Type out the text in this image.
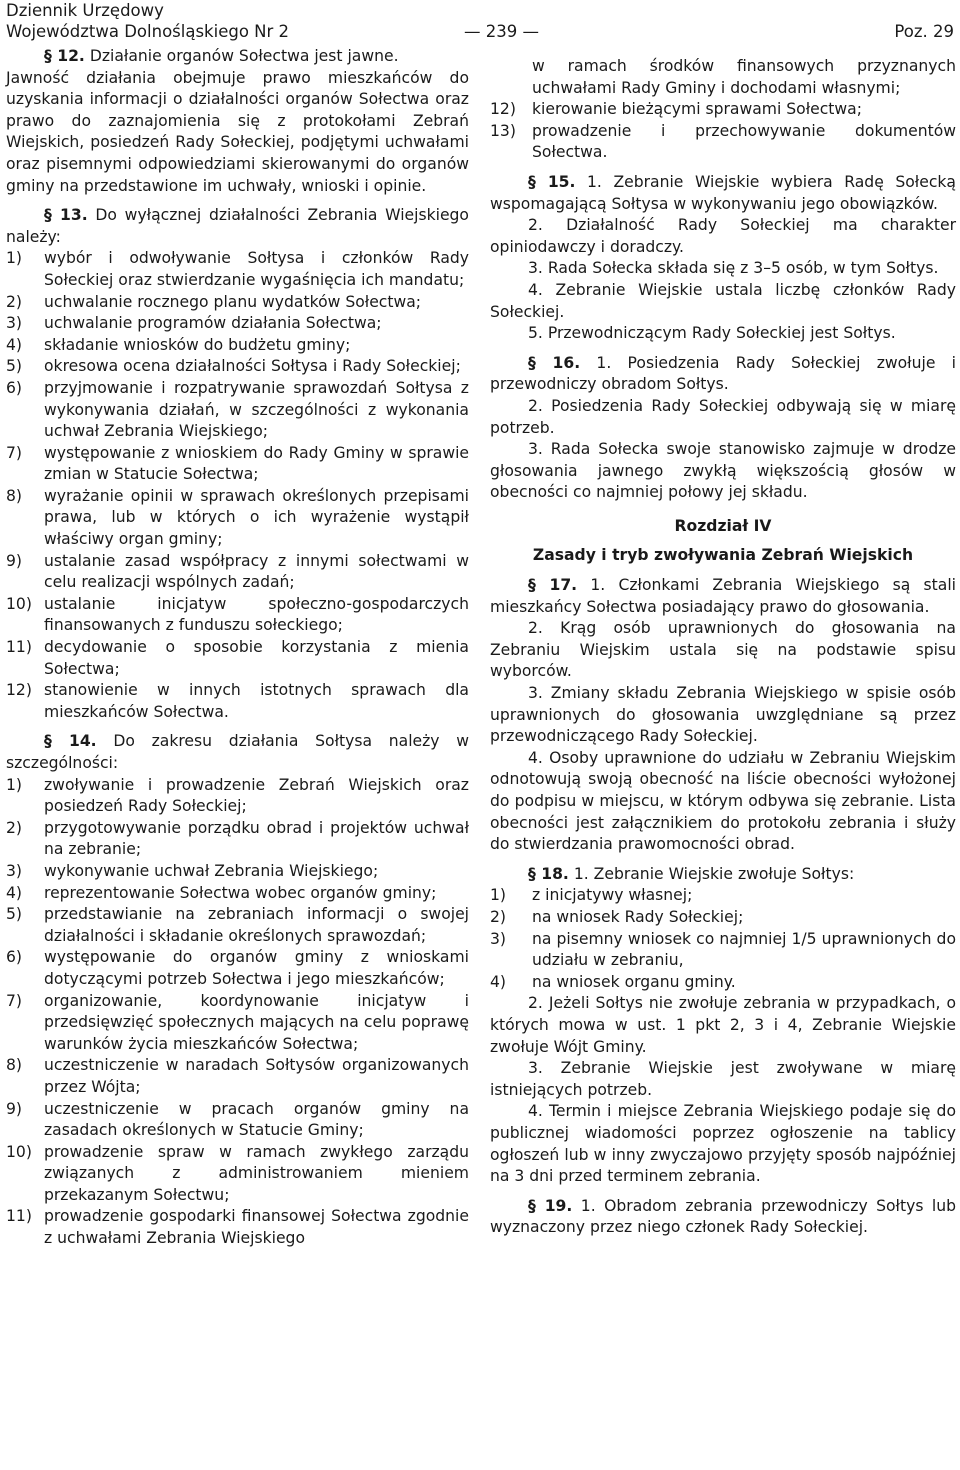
Dziennik Urzędowy
Województwa Dolnośląskiego Nr 2	— 239 —	Poz. 29

§ 12. Działanie organów Sołectwa jest jawne.

Jawność działania obejmuje prawo mieszkańców do uzyskania informacji o działalności organów Sołectwa oraz prawo do zaznajomienia się z protokołami Zebrań Wiejskich, posiedzeń Rady Sołeckiej, podjętymi uchwałami oraz pisemnymi odpowiedziami skierowanymi do organów gminy na przedstawione im uchwały, wnioski i opinie.

§ 13. Do wyłącznej działalności Zebrania Wiejskiego należy:

1) wybór i odwoływanie Sołtysa i członków Rady Sołeckiej oraz stwierdzanie wygaśnięcia ich mandatu;
2) uchwalanie rocznego planu wydatków Sołectwa;
3) uchwalanie programów działania Sołectwa;
4) składanie wniosków do budżetu gminy;
5) okresowa ocena działalności Sołtysa i Rady Sołeckiej;
6) przyjmowanie i rozpatrywanie sprawozdań Sołtysa z wykonywania działań, w szczególności z wykonania uchwał Zebrania Wiejskiego;
7) występowanie z wnioskiem do Rady Gminy w sprawie zmian w Statucie Sołectwa;
8) wyrażanie opinii w sprawach określonych przepisami prawa, lub w których o ich wyrażenie wystąpił właściwy organ gminy;
9) ustalanie zasad współpracy z innymi sołectwami w celu realizacji wspólnych zadań;
10) ustalanie inicjatyw społeczno-gospodarczych finansowanych z funduszu sołeckiego;
11) decydowanie o sposobie korzystania z mienia Sołectwa;
12) stanowienie w innych istotnych sprawach dla mieszkańców Sołectwa.

§ 14. Do zakresu działania Sołtysa należy w szczególności:

1) zwoływanie i prowadzenie Zebrań Wiejskich oraz posiedzeń Rady Sołeckiej;
2) przygotowywanie porządku obrad i projektów uchwał na zebranie;
3) wykonywanie uchwał Zebrania Wiejskiego;
4) reprezentowanie Sołectwa wobec organów gminy;
5) przedstawianie na zebraniach informacji o swojej działalności i składanie określonych sprawozdań;
6) występowanie do organów gminy z wnioskami dotyczącymi potrzeb Sołectwa i jego mieszkańców;
7) organizowanie, koordynowanie inicjatyw i przedsięwzięć społecznych mających na celu poprawę warunków życia mieszkańców Sołectwa;
8) uczestniczenie w naradach Sołtysów organizowanych przez Wójta;
9) uczestniczenie w pracach organów gminy na zasadach określonych w Statucie Gminy;
10) prowadzenie spraw w ramach zwykłego zarządu związanych z administrowaniem mieniem przekazanym Sołectwu;
11) prowadzenie gospodarki finansowej Sołectwa zgodnie z uchwałami Zebrania Wiejskiego

w ramach środków finansowych przyznanych uchwałami Rady Gminy i dochodami własnymi;

12) kierowanie bieżącymi sprawami Sołectwa;
13) prowadzenie i przechowywanie dokumentów Sołectwa.

§ 15. 1. Zebranie Wiejskie wybiera Radę Sołecką wspomagającą Sołtysa w wykonywaniu jego obowiązków.

2. Działalność Rady Sołeckiej ma charakter opiniodawczy i doradczy.

3. Rada Sołecka składa się z 3–5 osób, w tym Sołtys.

4. Zebranie Wiejskie ustala liczbę członków Rady Sołeckiej.

5. Przewodniczącym Rady Sołeckiej jest Sołtys.

§ 16. 1. Posiedzenia Rady Sołeckiej zwołuje i przewodniczy obradom Sołtys.

2. Posiedzenia Rady Sołeckiej odbywają się w miarę potrzeb.

3. Rada Sołecka swoje stanowisko zajmuje w drodze głosowania jawnego zwykłą większością głosów w obecności co najmniej połowy jej składu.

Rozdział IV

Zasady i tryb zwoływania Zebrań Wiejskich

§ 17. 1. Członkami Zebrania Wiejskiego są stali mieszkańcy Sołectwa posiadający prawo do głosowania.

2. Krąg osób uprawnionych do głosowania na Zebraniu Wiejskim ustala się na podstawie spisu wyborców.

3. Zmiany składu Zebrania Wiejskiego w spisie osób uprawnionych do głosowania uwzględniane są przez przewodniczącego Rady Sołeckiej.

4. Osoby uprawnione do udziału w Zebraniu Wiejskim odnotowują swoją obecność na liście obecności wyłożonej do podpisu w miejscu, w którym odbywa się zebranie. Lista obecności jest załącznikiem do protokołu zebrania i służy do stwierdzania prawomocności obrad.

§ 18. 1. Zebranie Wiejskie zwołuje Sołtys:

1) z inicjatywy własnej;
2) na wniosek Rady Sołeckiej;
3) na pisemny wniosek co najmniej 1/5 uprawnionych do udziału w zebraniu,
4) na wniosek organu gminy.

2. Jeżeli Sołtys nie zwołuje zebrania w przypadkach, o których mowa w ust. 1 pkt 2, 3 i 4, Zebranie Wiejskie zwołuje Wójt Gminy.

3. Zebranie Wiejskie jest zwoływane w miarę istniejących potrzeb.

4. Termin i miejsce Zebrania Wiejskiego podaje się do publicznej wiadomości poprzez ogłoszenie na tablicy ogłoszeń lub w inny zwyczajowo przyjęty sposób najpóźniej na 3 dni przed terminem zebrania.

§ 19. 1. Obradom zebrania przewodniczy Sołtys lub wyznaczony przez niego członek Rady Sołeckiej.
